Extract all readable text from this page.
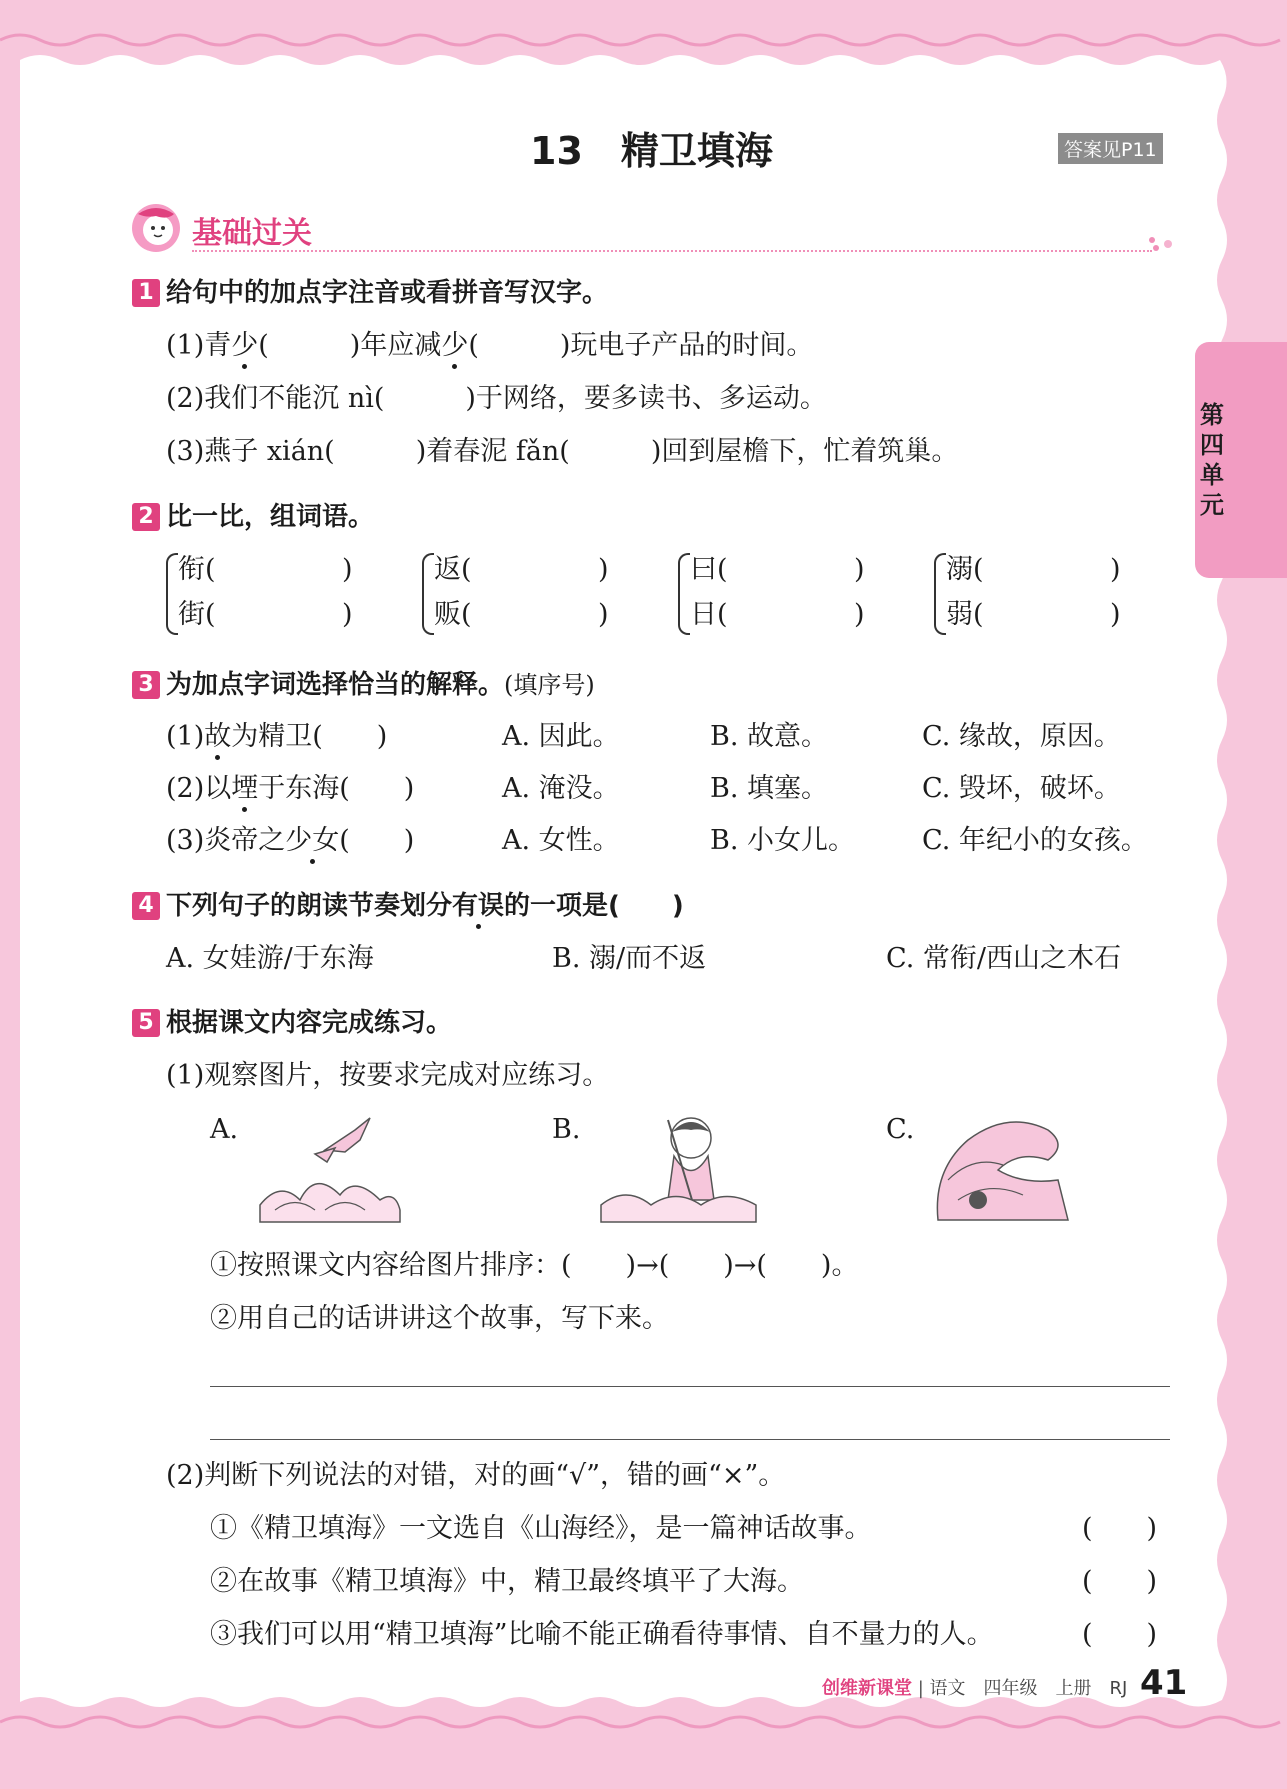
第四单元
13　精卫填海	答案见P11
基础过关
1 给句中的加点字注音或看拼音写汉字。
(1)青少(　　　)年应减少(　　　)玩电子产品的时间。
(2)我们不能沉 nì(　　　)于网络，要多读书、多运动。
(3)燕子 xián(　　　)着春泥 fǎn(　　　)回到屋檐下，忙着筑巢。
2 比一比，组词语。
衔(	)
街(	)
返(	)
贩(	)
曰(	)
日(	)
溺(	)
弱(	)
3 为加点字词选择恰当的解释。(填序号)
(1)故为精卫(　　)	A. 因此。	B. 故意。	C. 缘故，原因。
(2)以堙于东海(　　)	A. 淹没。	B. 填塞。	C. 毁坏，破坏。
(3)炎帝之少女(　　)	A. 女性。	B. 小女儿。 C. 年纪小的女孩。
4 下列句子的朗读节奏划分有误的一项是(　　)
A. 女娃游/于东海	B. 溺/而不返	C. 常衔/西山之木石
5 根据课文内容完成练习。
(1)观察图片，按要求完成对应练习。
A.	B.	C.
①按照课文内容给图片排序：(　　)→(　　)→(　　)。
②用自己的话讲讲这个故事，写下来。
(2)判断下列说法的对错，对的画“√”，错的画“×”。
①《精卫填海》一文选自《山海经》，是一篇神话故事。	(　　)
②在故事《精卫填海》中，精卫最终填平了大海。	(　　)
③我们可以用“精卫填海”比喻不能正确看待事情、自不量力的人。	(　　)
创维新课堂 | 语文　四年级　上册　RJ 41
